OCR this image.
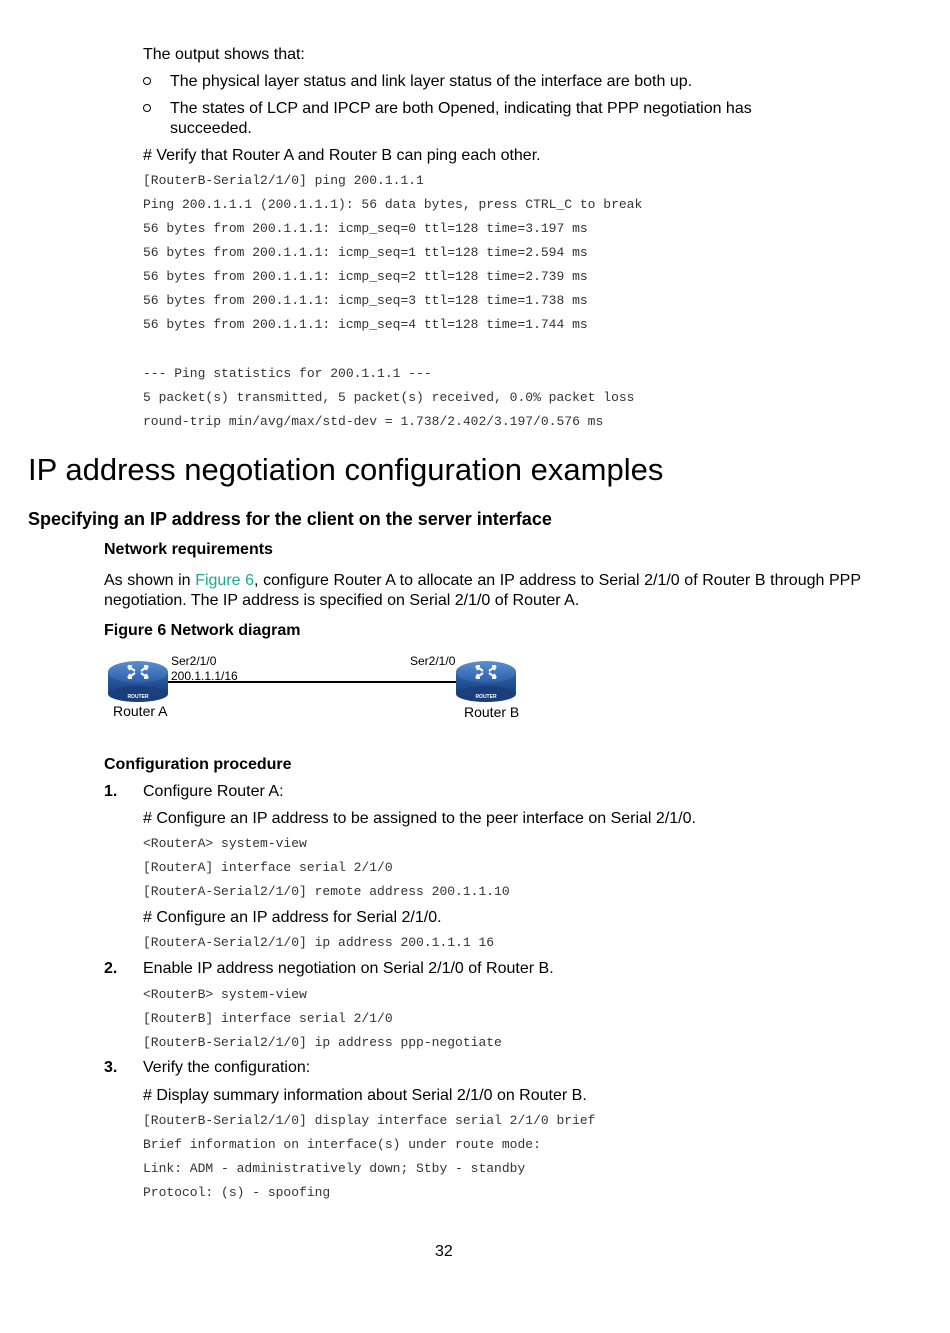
The output shows that:
The physical layer status and link layer status of the interface are both up.
The states of LCP and IPCP are both Opened, indicating that PPP negotiation has
succeeded.
# Verify that Router A and Router B can ping each other.
[RouterB-Serial2/1/0] ping 200.1.1.1
Ping 200.1.1.1 (200.1.1.1): 56 data bytes, press CTRL_C to break
56 bytes from 200.1.1.1: icmp_seq=0 ttl=128 time=3.197 ms
56 bytes from 200.1.1.1: icmp_seq=1 ttl=128 time=2.594 ms
56 bytes from 200.1.1.1: icmp_seq=2 ttl=128 time=2.739 ms
56 bytes from 200.1.1.1: icmp_seq=3 ttl=128 time=1.738 ms
56 bytes from 200.1.1.1: icmp_seq=4 ttl=128 time=1.744 ms
--- Ping statistics for 200.1.1.1 ---
5 packet(s) transmitted, 5 packet(s) received, 0.0% packet loss
round-trip min/avg/max/std-dev = 1.738/2.402/3.197/0.576 ms
IP address negotiation configuration examples
Specifying an IP address for the client on the server interface
Network requirements
As shown in Figure 6, configure Router A to allocate an IP address to Serial 2/1/0 of Router B through PPP negotiation. The IP address is specified on Serial 2/1/0 of Router A.
Figure 6 Network diagram
ROUTER	ROUTER
Ser2/1/0
200.1.1.1/16
Ser2/1/0
Router A	Router B
Configuration procedure
1. Configure Router A:
# Configure an IP address to be assigned to the peer interface on Serial 2/1/0.
<RouterA> system-view
[RouterA] interface serial 2/1/0
[RouterA-Serial2/1/0] remote address 200.1.1.10
# Configure an IP address for Serial 2/1/0.
[RouterA-Serial2/1/0] ip address 200.1.1.1 16
2. Enable IP address negotiation on Serial 2/1/0 of Router B.
<RouterB> system-view
[RouterB] interface serial 2/1/0
[RouterB-Serial2/1/0] ip address ppp-negotiate
3. Verify the configuration:
# Display summary information about Serial 2/1/0 on Router B.
[RouterB-Serial2/1/0] display interface serial 2/1/0 brief
Brief information on interface(s) under route mode:
Link: ADM - administratively down; Stby - standby
Protocol: (s) - spoofing
32
